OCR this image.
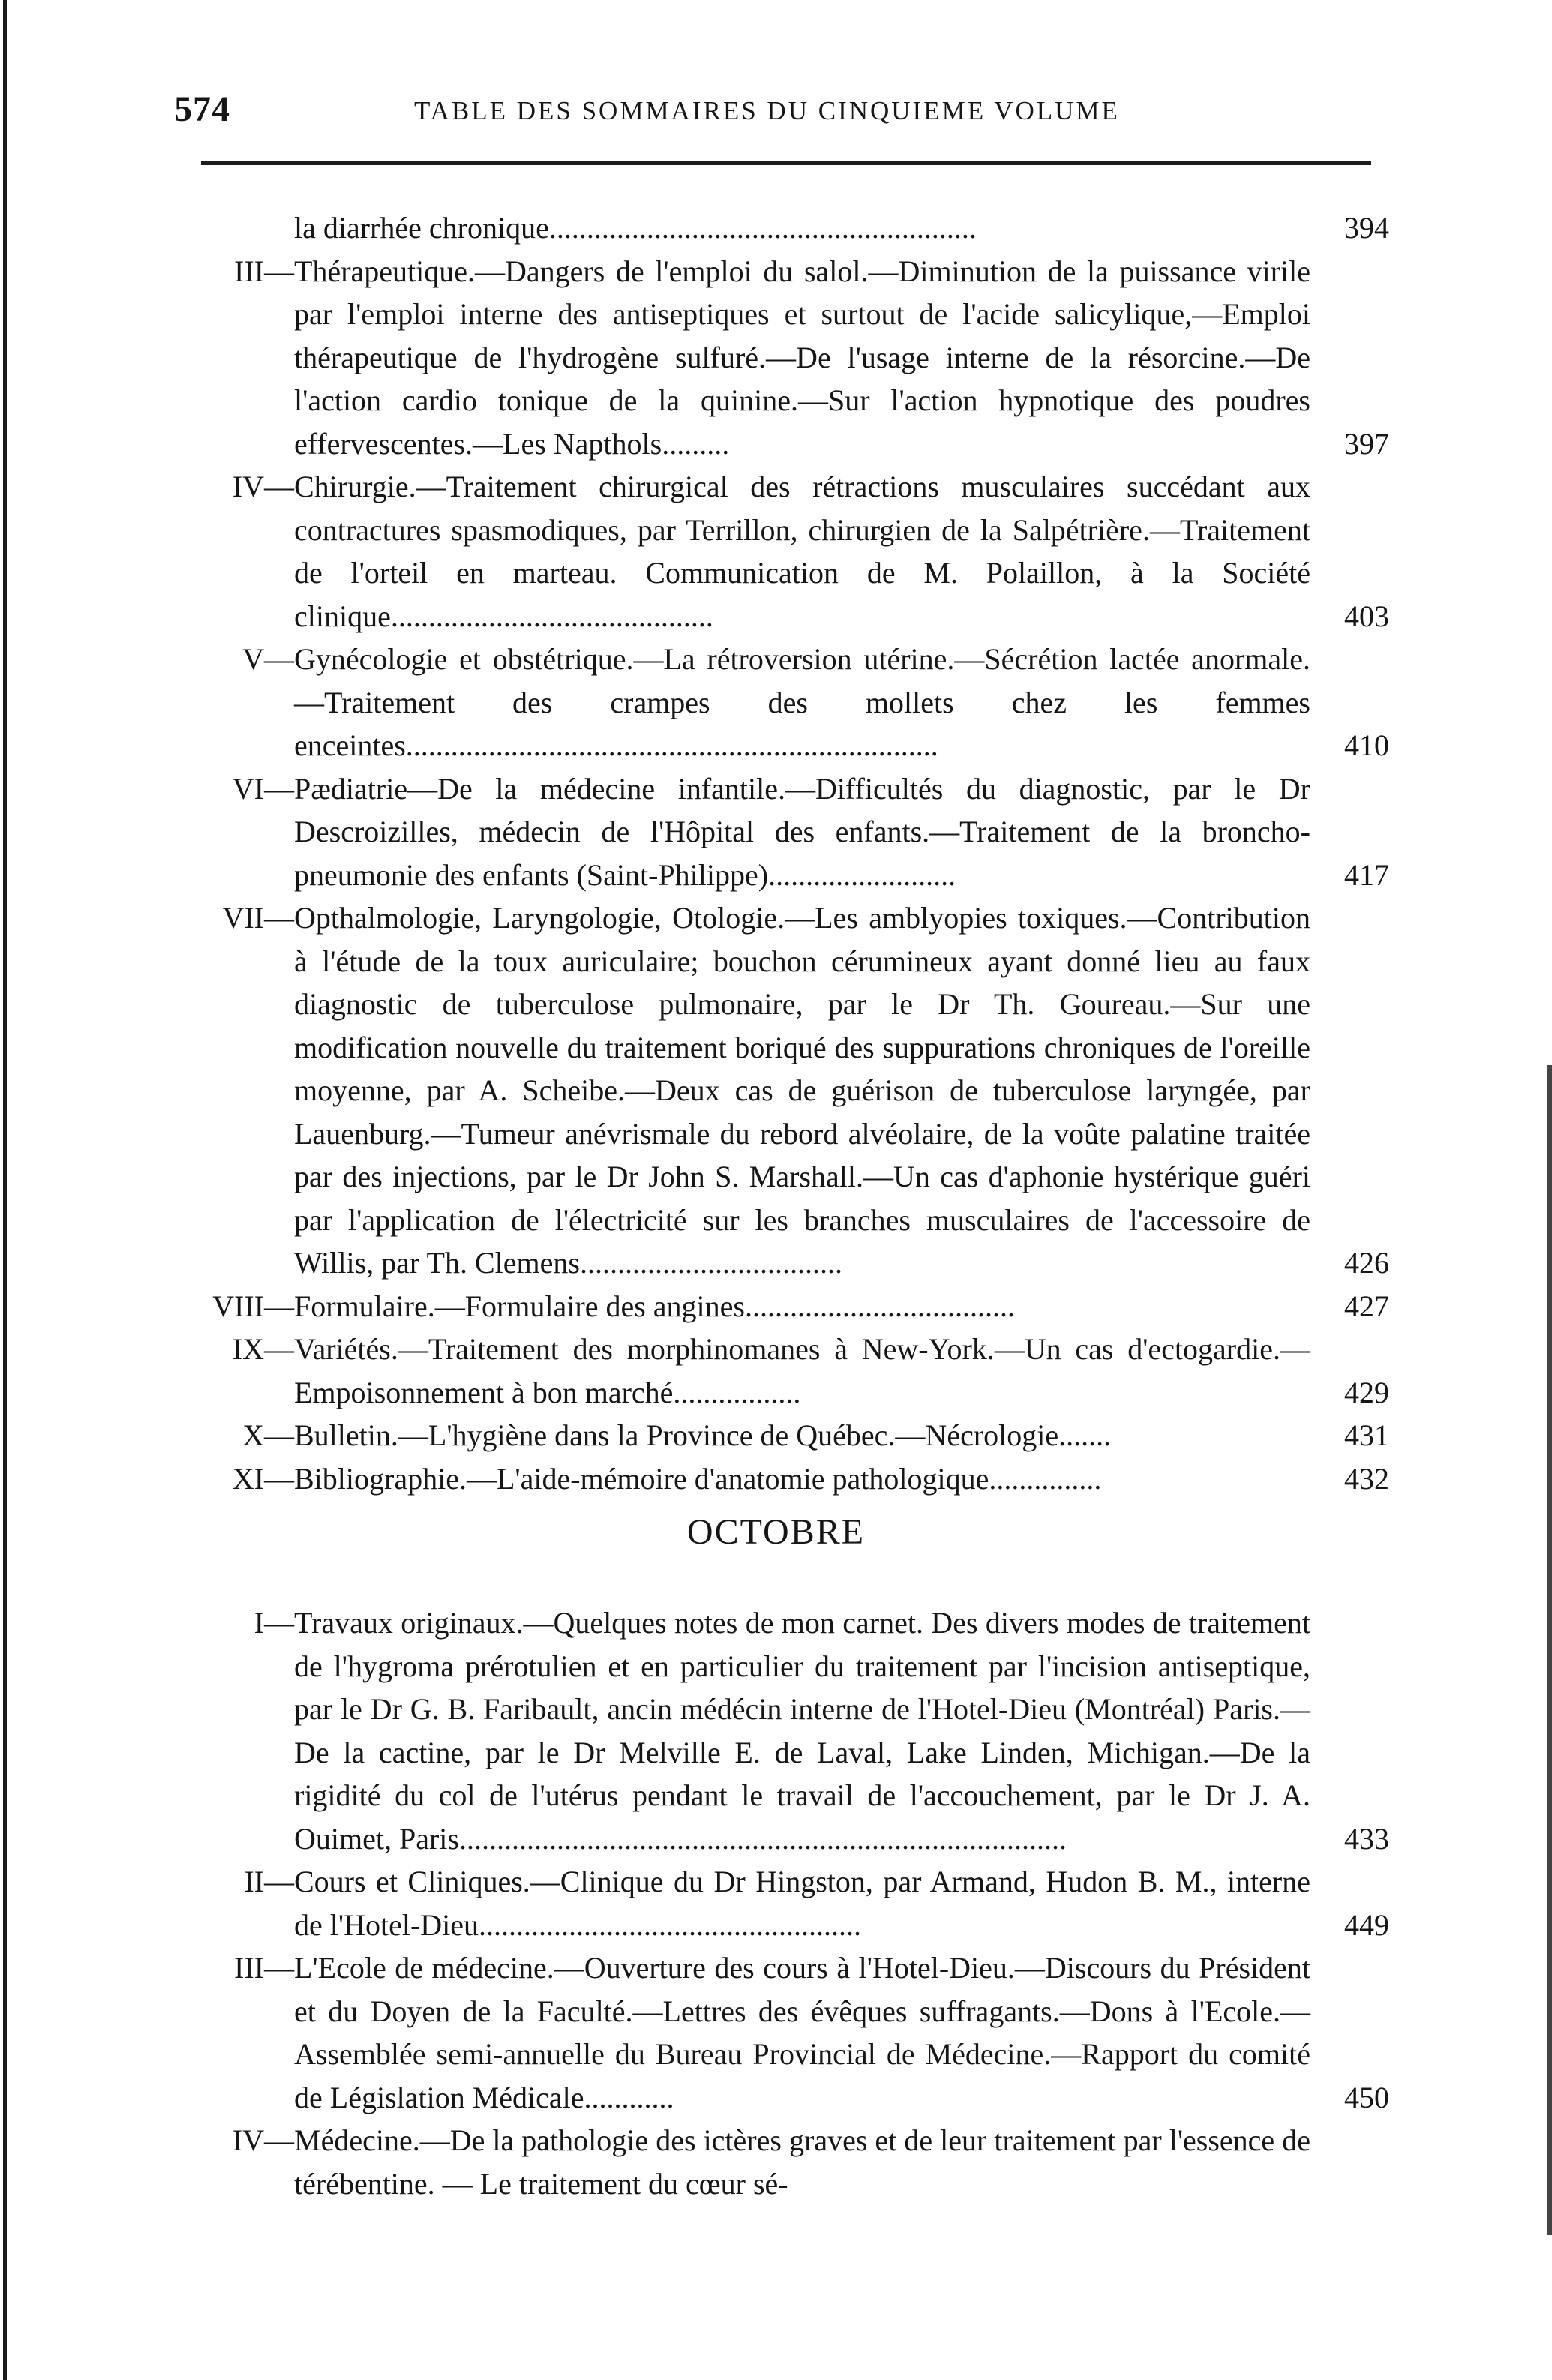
574	TABLE DES SOMMAIRES DU CINQUIEME VOLUME
la diarrhée chronique.........................................................	394
III— Thérapeutique.—Dangers de l'emploi du salol.—Diminution de la puissance virile par l'emploi interne des antiseptiques et surtout de l'acide salicylique,—Emploi thérapeutique de l'hydrogène sulfuré.—De l'usage interne de la résorcine.—De l'action cardio tonique de la quinine.—Sur l'action hypnotique des poudres effervescentes.—Les Napthols.........	397
IV— Chirurgie.—Traitement chirurgical des rétractions musculaires succédant aux contractures spasmodiques, par Terrillon, chirurgien de la Salpétrière.—Traitement de l'orteil en marteau. Communication de M. Polaillon, à la Société clinique...........................................	403
V— Gynécologie et obstétrique.—La rétroversion utérine.—Sécrétion lactée anormale.—Traitement des crampes des mollets chez les femmes enceintes.......................................................................	410
VI— Pædiatrie—De la médecine infantile.—Difficultés du diagnostic, par le Dr Descroizilles, médecin de l'Hôpital des enfants.—Traitement de la broncho-pneumonie des enfants (Saint-Philippe).........................	417
VII— Opthalmologie, Laryngologie, Otologie.—Les amblyopies toxiques.—Contribution à l'étude de la toux auriculaire; bouchon cérumineux ayant donné lieu au faux diagnostic de tuberculose pulmonaire, par le Dr Th. Goureau.—Sur une modification nouvelle du traitement boriqué des suppurations chroniques de l'oreille moyenne, par A. Scheibe.—Deux cas de guérison de tuberculose laryngée, par Lauenburg.—Tumeur anévrismale du rebord alvéolaire, de la voûte palatine traitée par des injections, par le Dr John S. Marshall.—Un cas d'aphonie hystérique guéri par l'application de l'électricité sur les branches musculaires de l'accessoire de Willis, par Th. Clemens...................................	426
VIII— Formulaire.—Formulaire des angines....................................	427
IX— Variétés.—Traitement des morphinomanes à New-York.—Un cas d'ectogardie.—Empoisonnement à bon marché.................	429
X— Bulletin.—L'hygiène dans la Province de Québec.—Nécrologie.......	431
XI— Bibliographie.—L'aide-mémoire d'anatomie pathologique...............	432
OCTOBRE
I— Travaux originaux.—Quelques notes de mon carnet. Des divers modes de traitement de l'hygroma prérotulien et en particulier du traitement par l'incision antiseptique, par le Dr G. B. Faribault, ancin médécin interne de l'Hotel-Dieu (Montréal) Paris.—De la cactine, par le Dr Melville E. de Laval, Lake Linden, Michigan.—De la rigidité du col de l'utérus pendant le travail de l'accouchement, par le Dr J. A. Ouimet, Paris.................................................................................	433
II— Cours et Cliniques.—Clinique du Dr Hingston, par Armand, Hudon B. M., interne de l'Hotel-Dieu...................................................	449
III— L'Ecole de médecine.—Ouverture des cours à l'Hotel-Dieu.—Discours du Président et du Doyen de la Faculté.—Lettres des évêques suffragants.—Dons à l'Ecole.— Assemblée semi-annuelle du Bureau Provincial de Médecine.—Rapport du comité de Législation Médicale............	450
IV— Médecine.—De la pathologie des ictères graves et de leur traitement par l'essence de térébentine. — Le traitement du cœur sé-
